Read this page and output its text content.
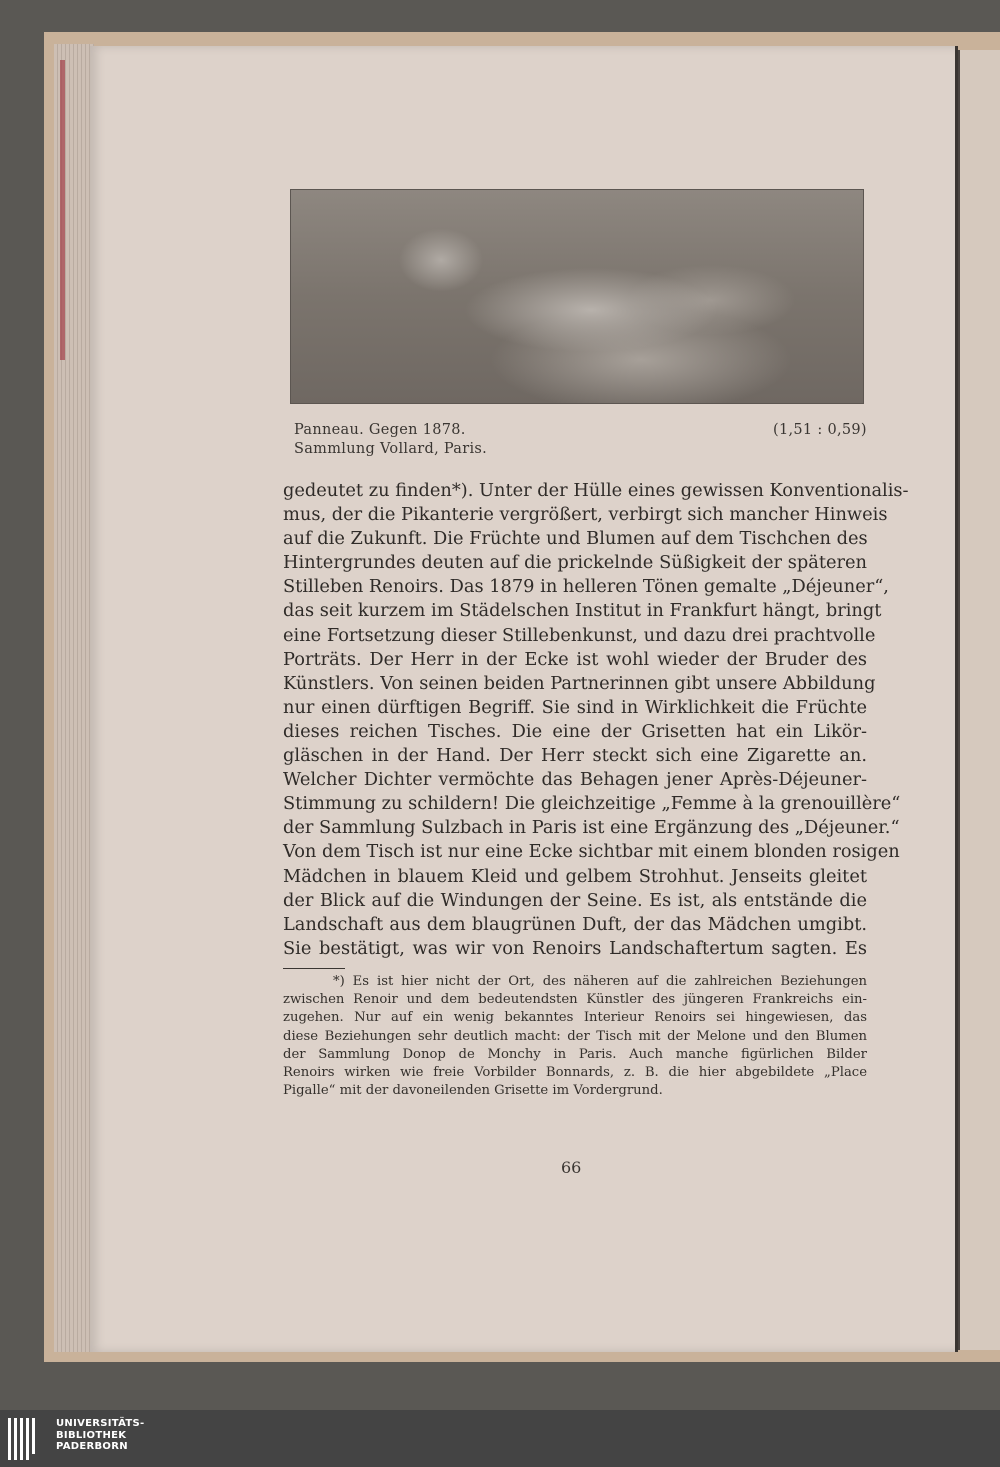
Panneau. Gegen 1878.
Sammlung Vollard, Paris.
(1,51 : 0,59)
gedeutet zu finden*). Unter der Hülle eines gewissen Konventionalis-
mus, der die Pikanterie vergrößert, verbirgt sich mancher Hinweis
auf die Zukunft. Die Früchte und Blumen auf dem Tischchen des
Hintergrundes deuten auf die prickelnde Süßigkeit der späteren
Stilleben Renoirs. Das 1879 in helleren Tönen gemalte „Déjeuner“,
das seit kurzem im Städelschen Institut in Frankfurt hängt, bringt
eine Fortsetzung dieser Stillebenkunst, und dazu drei prachtvolle
Porträts. Der Herr in der Ecke ist wohl wieder der Bruder des
Künstlers. Von seinen beiden Partnerinnen gibt unsere Abbildung
nur einen dürftigen Begriff. Sie sind in Wirklichkeit die Früchte
dieses reichen Tisches. Die eine der Grisetten hat ein Likör-
gläschen in der Hand. Der Herr steckt sich eine Zigarette an.
Welcher Dichter vermöchte das Behagen jener Après-Déjeuner-
Stimmung zu schildern! Die gleichzeitige „Femme à la grenouillère“
der Sammlung Sulzbach in Paris ist eine Ergänzung des „Déjeuner.“
Von dem Tisch ist nur eine Ecke sichtbar mit einem blonden rosigen
Mädchen in blauem Kleid und gelbem Strohhut. Jenseits gleitet
der Blick auf die Windungen der Seine. Es ist, als entstände die
Landschaft aus dem blaugrünen Duft, der das Mädchen umgibt.
Sie bestätigt, was wir von Renoirs Landschaftertum sagten. Es
*) Es ist hier nicht der Ort, des näheren auf die zahlreichen Beziehungen
zwischen Renoir und dem bedeutendsten Künstler des jüngeren Frankreichs ein-
zugehen. Nur auf ein wenig bekanntes Interieur Renoirs sei hingewiesen, das
diese Beziehungen sehr deutlich macht: der Tisch mit der Melone und den Blumen
der Sammlung Donop de Monchy in Paris. Auch manche figürlichen Bilder
Renoirs wirken wie freie Vorbilder Bonnards, z. B. die hier abgebildete „Place
Pigalle“ mit der davoneilenden Grisette im Vordergrund.
66
UNIVERSITÄTS-
BIBLIOTHEK
PADERBORN
